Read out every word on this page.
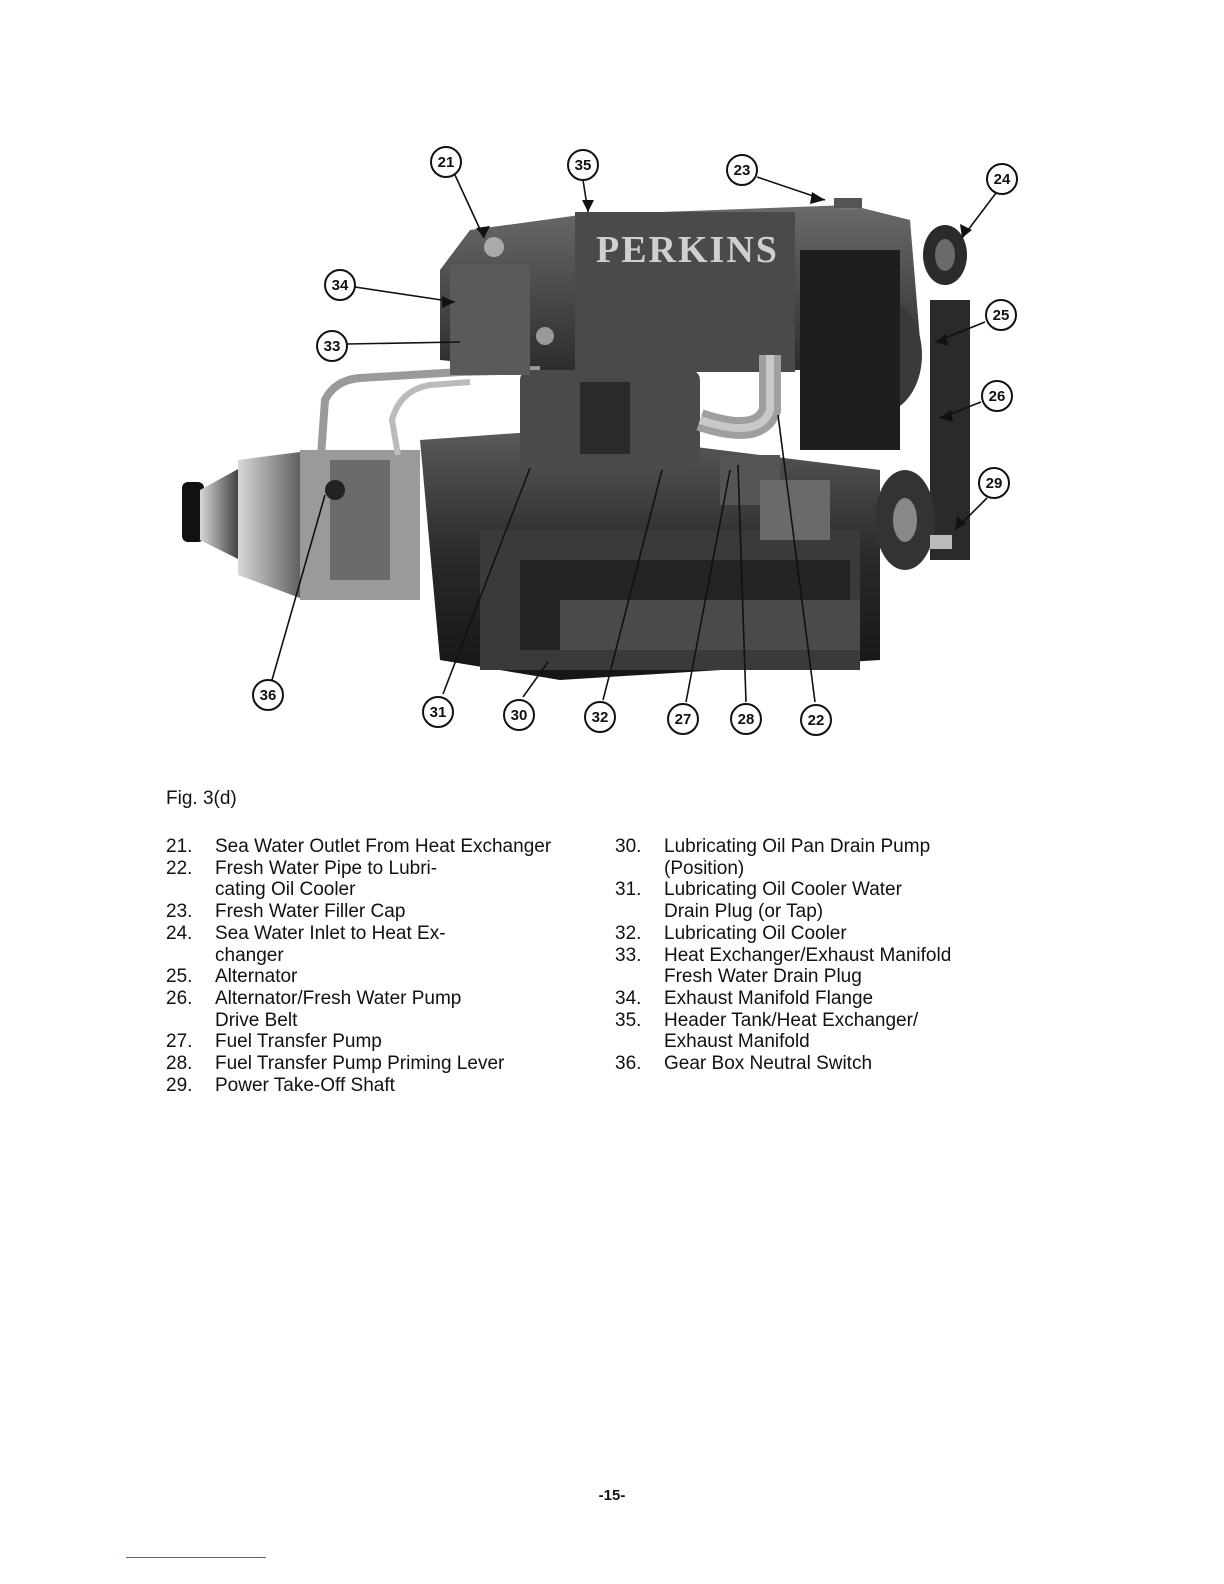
PERKINS
21	35	23
24
34
25
33
26
29
36
31	30	32	27	28	22
Fig. 3(d)
21.	Sea Water Outlet From Heat Exchanger
22.	Fresh Water Pipe to Lubri-
cating Oil Cooler
23.	Fresh Water Filler Cap
24.	Sea Water Inlet to Heat Ex-
changer
25.	Alternator
26.	Alternator/Fresh Water Pump
Drive Belt
27.	Fuel Transfer Pump
28.	Fuel Transfer Pump Priming Lever
29.	Power Take-Off Shaft
30.	Lubricating Oil Pan Drain Pump
(Position)
31.	Lubricating Oil Cooler Water
Drain Plug (or Tap)
32.	Lubricating Oil Cooler
33.	Heat Exchanger/Exhaust Manifold
Fresh Water Drain Plug
34.	Exhaust Manifold Flange
35.	Header Tank/Heat Exchanger/
Exhaust Manifold
36.	Gear Box Neutral Switch
-15-
